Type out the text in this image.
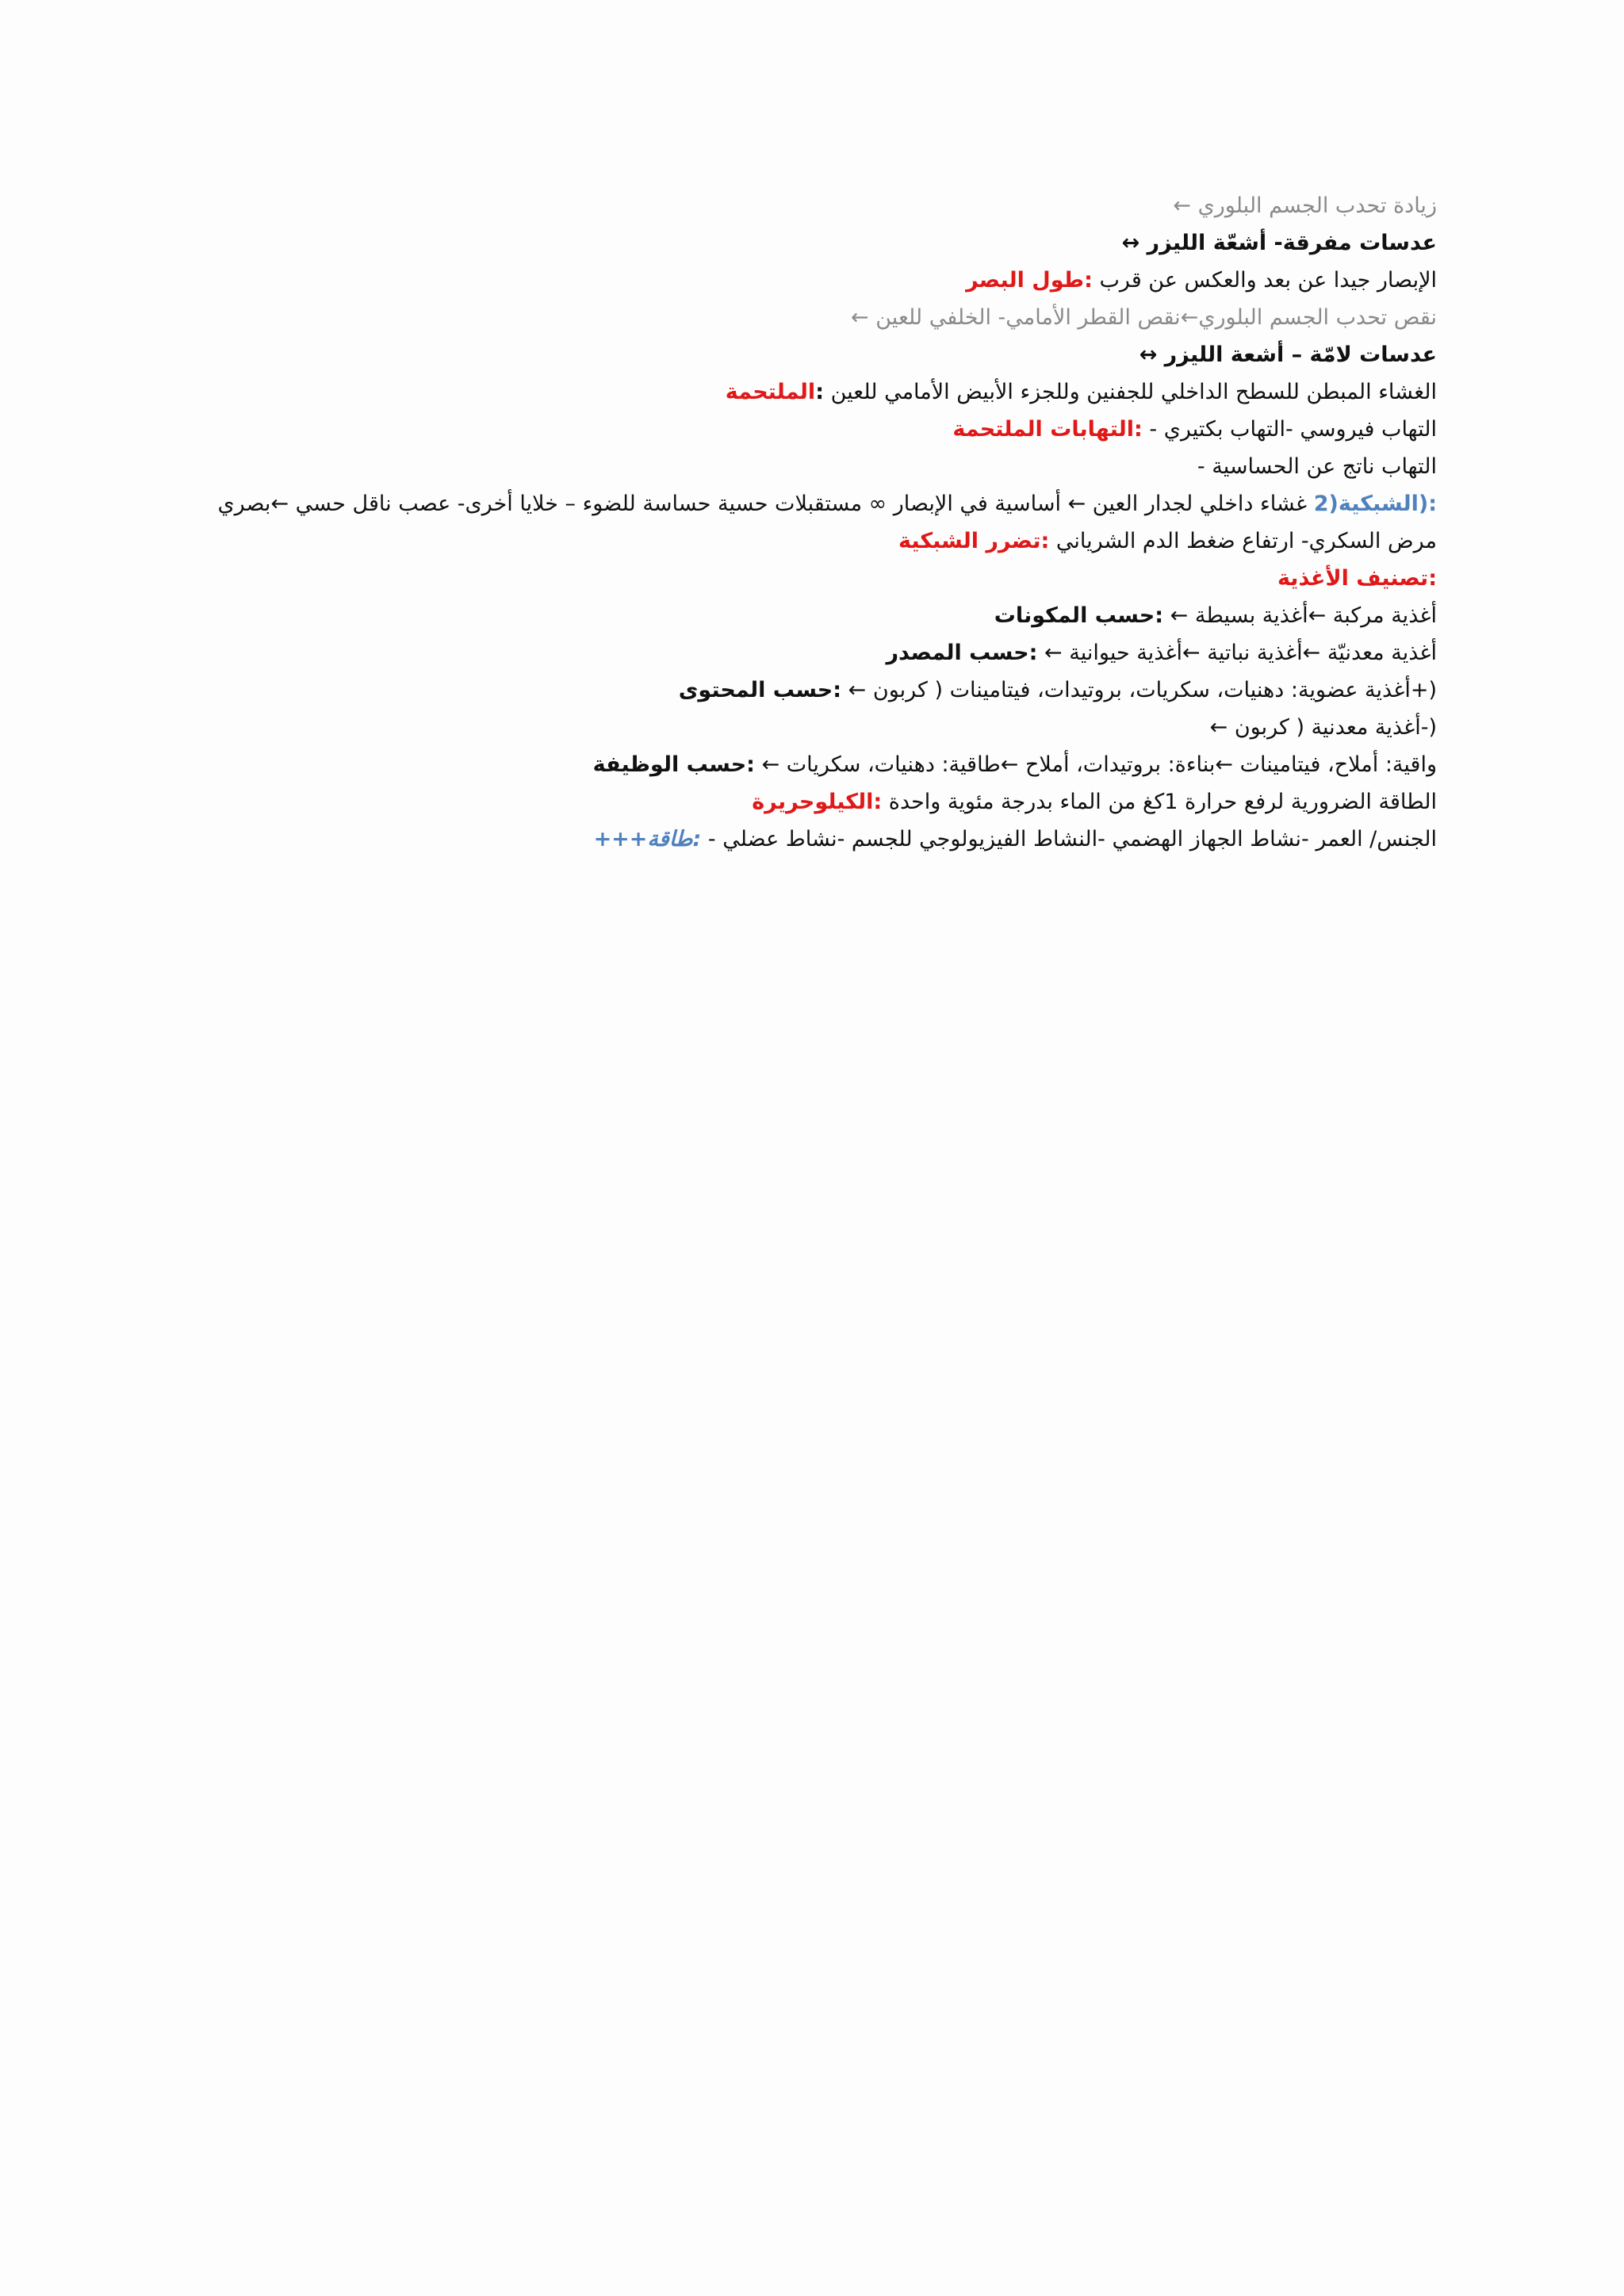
زيادة تحدب الجسم البلوري ←
عدسات مفرقة- أشعّة الليزر ↔
الإبصار جيدا عن بعد والعكس عن قرب :طول البصر
نقص تحدب الجسم البلوري←نقص القطر الأمامي- الخلفي للعين ←
عدسات لامّة – أشعة الليزر ↔
الغشاء المبطن للسطح الداخلي للجفنين وللجزء الأبيض الأمامي للعين :الملتحمة
التهاب فيروسي -التهاب بكتيري - :التهابات الملتحمة
التهاب ناتج عن الحساسية -
:(الشبكية(2 غشاء داخلي لجدار العين ← أساسية في الإبصار ∞ مستقبلات حسية حساسة للضوء – خلايا أخرى- عصب ناقل حسي ←بصري
مرض السكري- ارتفاع ضغط الدم الشرياني :تضرر الشبكية
:تصنيف الأغذية
أغذية مركبة ←أغذية بسيطة ← :حسب المكونات
أغذية معدنيّة ←أغذية نباتية ←أغذية حيوانية ← :حسب المصدر
(+أغذية عضوية: دهنيات، سكريات، بروتيدات، فيتامينات ( كربون ← :حسب المحتوى
(-أغذية معدنية ( كربون ←
واقية: أملاح، فيتامينات ←بناءة: بروتيدات، أملاح ←طاقية: دهنيات، سكريات ← :حسب الوظيفة
الطاقة الضرورية لرفع حرارة 1كغ من الماء بدرجة مئوية واحدة :الكيلوحريرة
الجنس/ العمر -نشاط الجهاز الهضمي -النشاط الفيزيولوجي للجسم -نشاط عضلي - :طاقة+++
